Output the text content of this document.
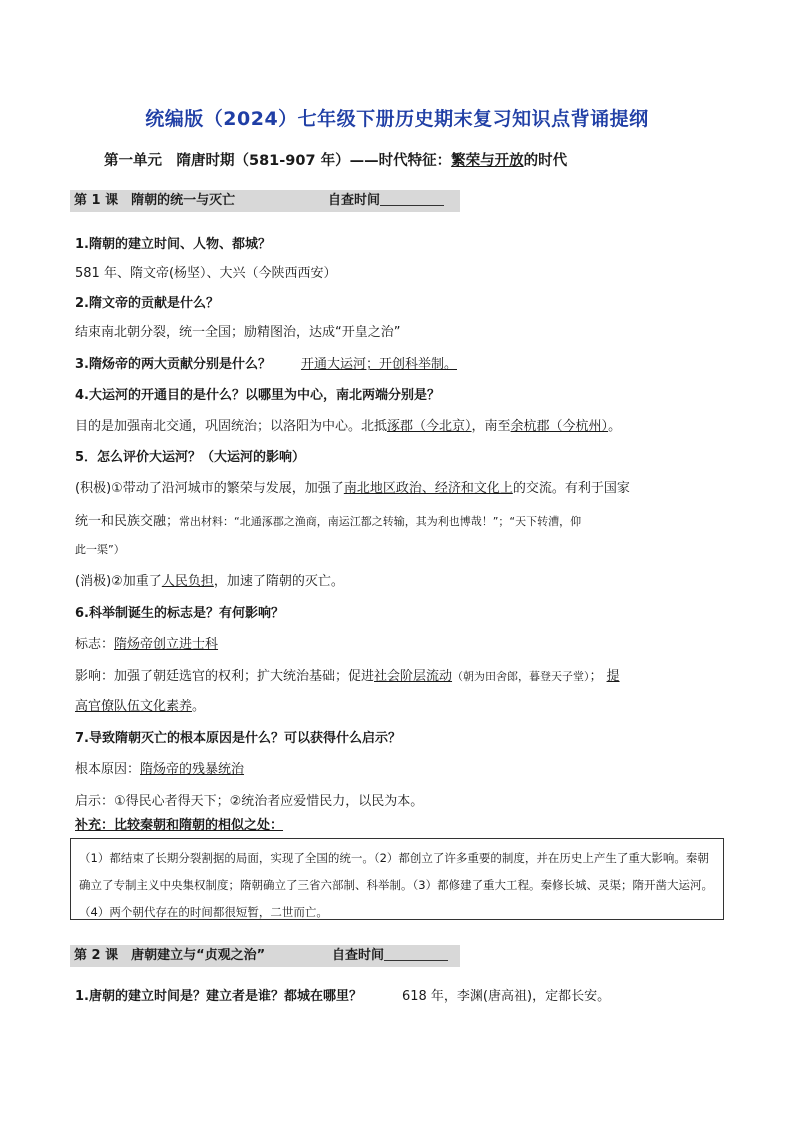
统编版（2024）七年级下册历史期末复习知识点背诵提纲
第一单元　隋唐时期（581-907 年）——时代特征：繁荣与开放的时代
第 1 课　隋朝的统一与灭亡	自查时间
1.隋朝的建立时间、人物、都城？
581 年、隋文帝(杨坚）、大兴（今陕西西安）
2.隋文帝的贡献是什么？
结束南北朝分裂，统一全国；励精图治，达成“开皇之治”
3.隋炀帝的两大贡献分别是什么？ 开通大运河；开创科举制。
4.大运河的开通目的是什么？以哪里为中心，南北两端分别是？
目的是加强南北交通，巩固统治；以洛阳为中心。北抵涿郡（今北京），南至余杭郡（今杭州）。
5．怎么评价大运河？（大运河的影响）
(积极)①带动了沿河城市的繁荣与发展，加强了南北地区政治、经济和文化上的交流。有利于国家
统一和民族交融；常出材料：“北通涿郡之渔商，南运江都之转输，其为利也博哉！”；“天下转漕，仰
此一渠”）
(消极)②加重了人民负担，加速了隋朝的灭亡。
6.科举制诞生的标志是？有何影响？
标志：隋炀帝创立进士科
影响：加强了朝廷选官的权利；扩大统治基础；促进社会阶层流动（朝为田舍郎，暮登天子堂）； 提
高官僚队伍文化素养。
7.导致隋朝灭亡的根本原因是什么？可以获得什么启示？
根本原因：隋炀帝的残暴统治
启示：①得民心者得天下；②统治者应爱惜民力，以民为本。
补充：比较秦朝和隋朝的相似之处：
（1）都结束了长期分裂割据的局面，实现了全国的统一。（2）都创立了许多重要的制度，并在历史上产生了重大影响。秦朝确立了专制主义中央集权制度；隋朝确立了三省六部制、科举制。（3）都修建了重大工程。秦修长城、灵渠；隋开凿大运河。（4）两个朝代存在的时间都很短暂，二世而亡。
第 2 课　唐朝建立与“贞观之治”	自查时间
1.唐朝的建立时间是？建立者是谁？都城在哪里？	618 年，李渊(唐高祖)，定都长安。
